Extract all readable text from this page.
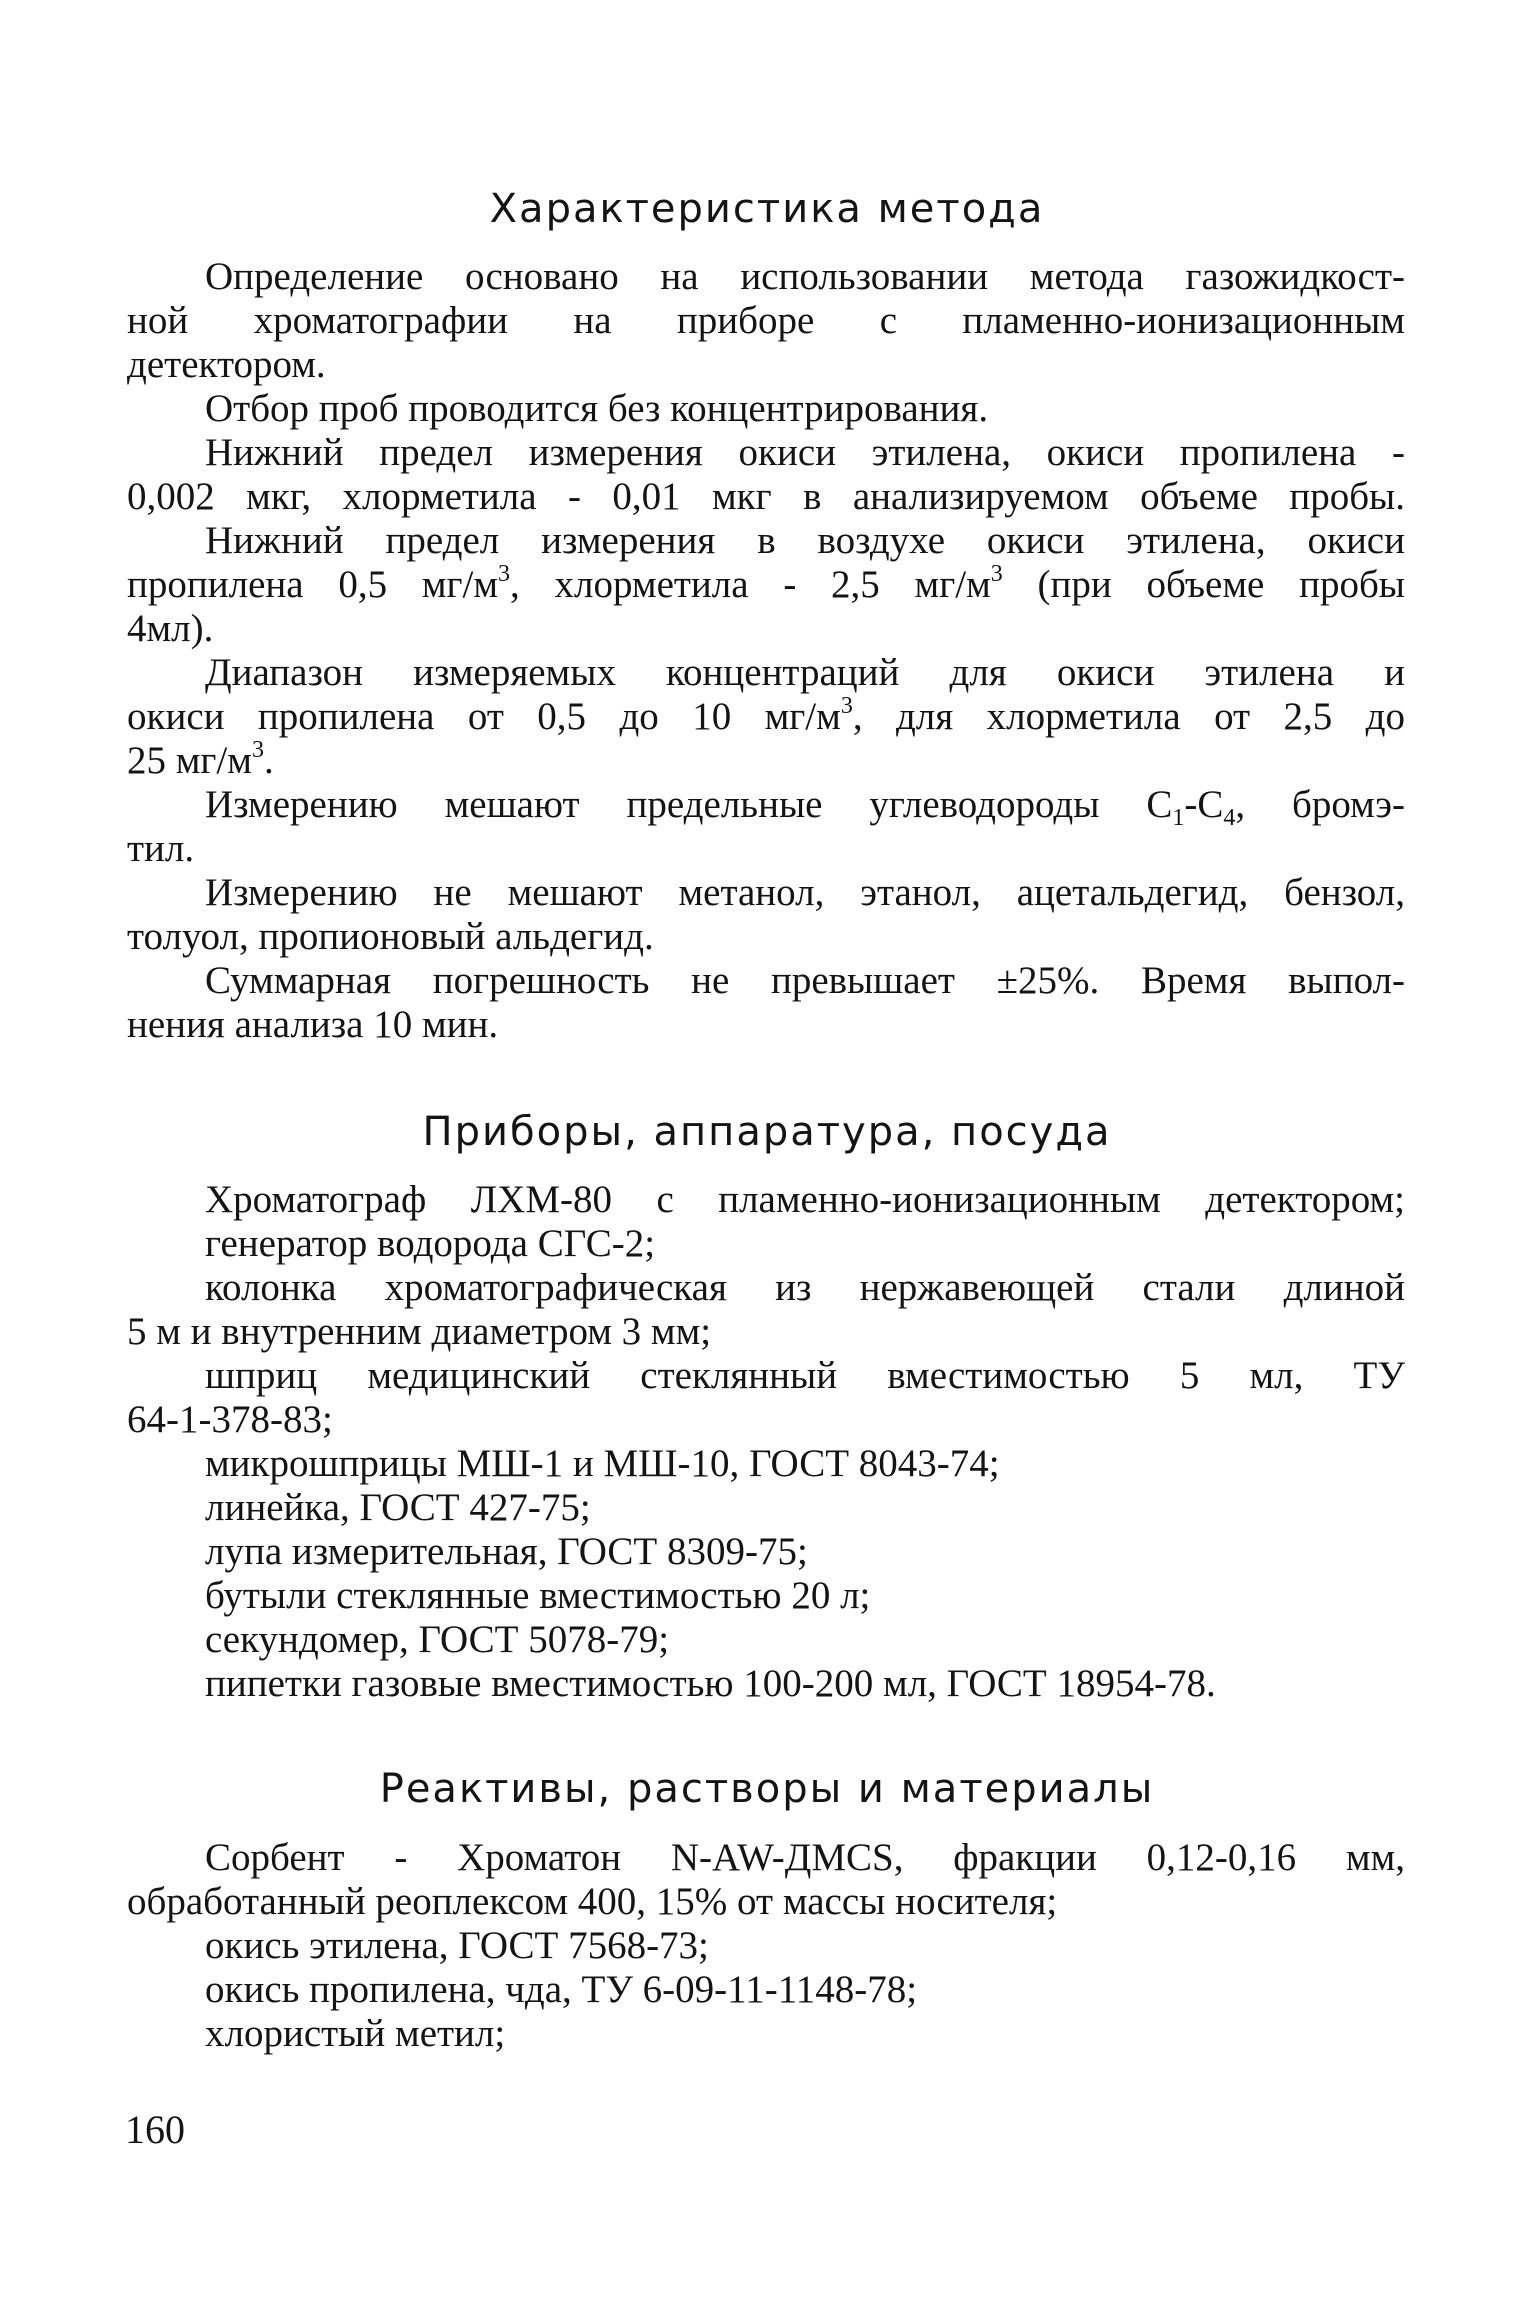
Характеристика метода
Определение основано на использовании метода газожидкост-
ной хроматографии на приборе с пламенно-ионизационным
детектором.
Отбор проб проводится без концентрирования.
Нижний предел измерения окиси этилена, окиси пропилена -
0,002 мкг, хлорметила - 0,01 мкг в анализируемом объеме пробы.
Нижний предел измерения в воздухе окиси этилена, окиси
пропилена 0,5 $мг/м^3$, хлорметила - 2,5 $мг/м^3$ (при объеме пробы
4мл).
Диапазон измеряемых концентраций для окиси этилена и
окиси пропилена от 0,5 до 10 $мг/м^3$, для хлорметила от 2,5 до
25 $мг/м^3$.
Измерению мешают предельные углеводороды $С_1-С_4$, бромэ-
тил.
Измерению не мешают метанол, этанол, ацетальдегид, бензол,
толуол, пропионовый альдегид.
Суммарная погрешность не превышает ±25%. Время выпол-
нения анализа 10 мин.
Приборы, аппаратура, посуда
Хроматограф ЛХМ-80 с пламенно-ионизационным детектором;
генератор водорода СГС-2;
колонка хроматографическая из нержавеющей стали длиной
5 м и внутренним диаметром 3 мм;
шприц медицинский стеклянный вместимостью 5 мл, ТУ
64-1-378-83;
микрошприцы МШ-1 и МШ-10, ГОСТ 8043-74;
линейка, ГОСТ 427-75;
лупа измерительная, ГОСТ 8309-75;
бутыли стеклянные вместимостью 20 л;
секундомер, ГОСТ 5078-79;
пипетки газовые вместимостью 100-200 мл, ГОСТ 18954-78.
Реактивы, растворы и материалы
Сорбент - Хроматон N-AW-ДМСS, фракции 0,12-0,16 мм,
обработанный реоплексом 400, 15% от массы носителя;
окись этилена, ГОСТ 7568-73;
окись пропилена, чда, ТУ 6-09-11-1148-78;
хлористый метил;
160
